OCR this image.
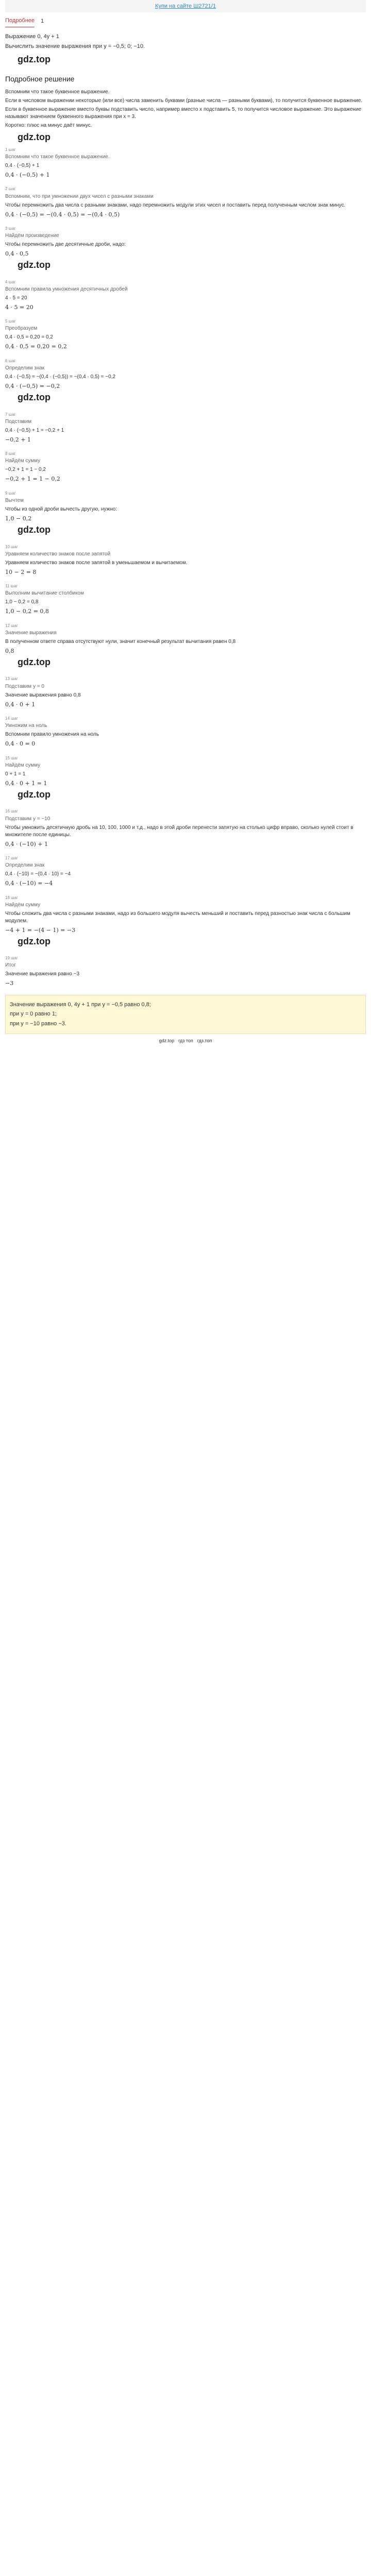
Купи на сайте Ш2721/1
Подробнее 1
Выражение 0, 4y + 1
Вычислить значение выражения при y = −0,5; 0; −10.
gdz.top
Подробное решение
Вспомним что такое буквенное выражение.
Если в числовом выражении некоторые (или все) числа заменить буквами (разные числа — разными буквами), то получится буквенное выражение.
Если в буквенное выражение вместо буквы подставить число, например вместо x подставить 5, то получится числовое выражение. Это выражение называют значением буквенного выражения при x = 3.
Коротко: плюс на минус даёт минус.
gdz.top
1 шаг
Вспомним что такое буквенное выражение.
0,4 · (−0,5) + 1
0,4 · (−0,5) + 1
2 шаг
Вспомним, что при умножении двух чисел с разными знаками
Чтобы перемножить два числа с разными знаками, надо перемножить модули этих чисел и поставить перед полученным числом знак минус.
0,4 · (−0,5) = −(0,4 · 0,5) = −(0,4 · 0,5)
3 шаг
Найдём произведение
Чтобы перемножить две десятичные дроби, надо:
0,4 · 0,5
gdz.top
4 шаг
Вспомним правила умножения десятичных дробей
4 · 5 = 20
4 · 5 = 20
5 шаг
Преобразуем
0,4 · 0,5 = 0,20 = 0,2
0,4 · 0,5 = 0,20 = 0,2
6 шаг
Определим знак
0,4 · (−0,5) = −(0,4 · (−0,5)) = −(0,4 · 0,5) = −0,2
0,4 · (−0,5) = −0,2
gdz.top
7 шаг
Подставим
0,4 · (−0,5) + 1 = −0,2 + 1
−0,2 + 1
8 шаг
Найдём сумму
−0,2 + 1 = 1 − 0,2
−0,2 + 1 = 1 − 0,2
9 шаг
Вычтем
Чтобы из одной дроби вычесть другую, нужно:
1,0 − 0,2
gdz.top
10 шаг
Уравняем количество знаков после запятой
Уравняем количество знаков после запятой в уменьшаемом и вычитаемом.
10 − 2 = 8
11 шаг
Выполним вычитание столбиком
1,0 − 0,2 = 0,8
1,0 − 0,2 = 0,8
12 шаг
Значение выражения
В полученном ответе справа отсутствуют нули, значит конечный результат вычитания равен 0,8
0,8
gdz.top
13 шаг
Подставим y = 0
Значение выражения равно 0,8
0,4 · 0 + 1
14 шаг
Умножим на ноль
Вспомним правило умножения на ноль
0,4 · 0 = 0
15 шаг
Найдём сумму
0 + 1 = 1
0,4 · 0 + 1 = 1
gdz.top
16 шаг
Подставим y = −10
Чтобы умножить десятичную дробь на 10, 100, 1000 и т.д., надо в этой дроби перенести запятую на столько цифр вправо, сколько нулей стоит в множителе после единицы.
0,4 · (−10) + 1
17 шаг
Определим знак
0,4 · (−10) = −(0,4 · 10) = −4
0,4 · (−10) = −4
18 шаг
Найдём сумму
Чтобы сложить два числа с разными знаками, надо из большего модуля вычесть меньший и поставить перед разностью знак числа с большим модулем.
−4 + 1 = −(4 − 1) = −3
gdz.top
19 шаг
Итог
Значение выражения равно −3
−3
Значение выражения 0, 4y + 1 при y = −0,5 равно 0,8;
при y = 0 равно 1;
при y = −10 равно −3.
gdz.top гдз топ гдз.топ
